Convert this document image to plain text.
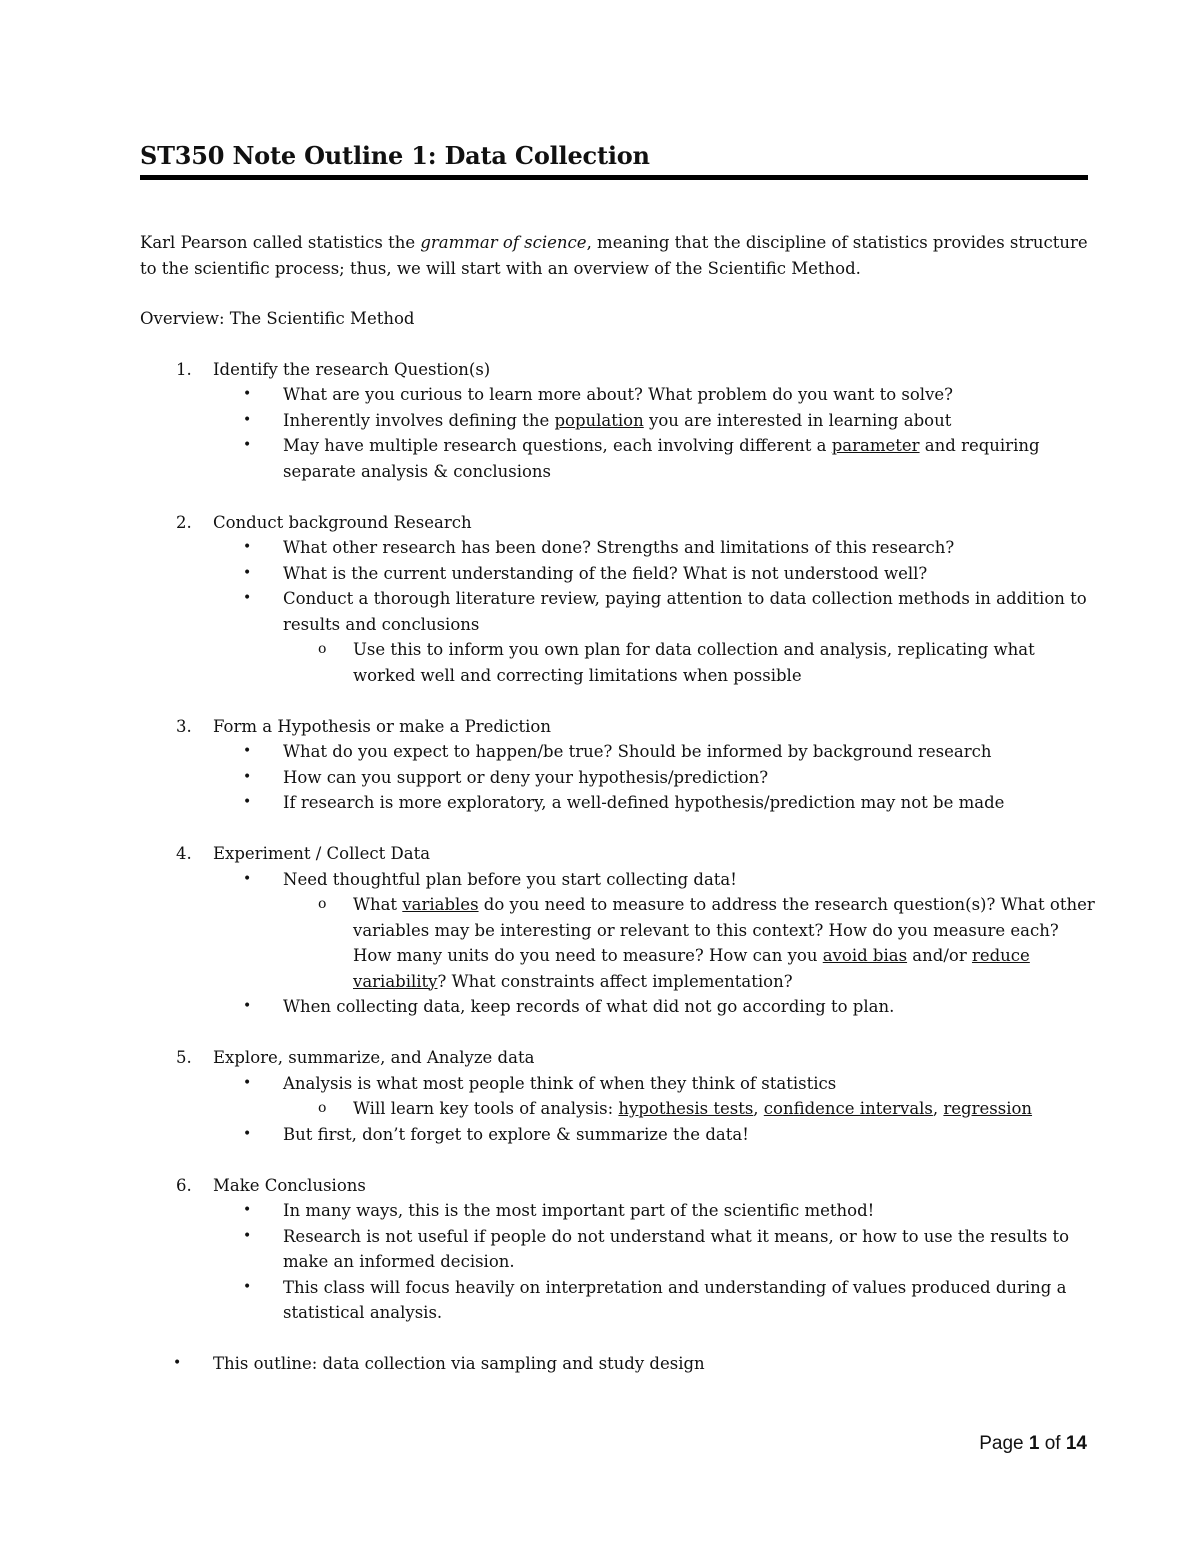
ST350 Note Outline 1: Data Collection

Karl Pearson called statistics the grammar of science, meaning that the discipline of statistics provides structure to the scientific process; thus, we will start with an overview of the Scientific Method.

Overview: The Scientific Method

1. Identify the research Question(s)
• What are you curious to learn more about? What problem do you want to solve?
• Inherently involves defining the population you are interested in learning about
• May have multiple research questions, each involving different a parameter and requiring separate analysis & conclusions
2. Conduct background Research
• What other research has been done? Strengths and limitations of this research?
• What is the current understanding of the field? What is not understood well?
• Conduct a thorough literature review, paying attention to data collection methods in addition to results and conclusions
o Use this to inform you own plan for data collection and analysis, replicating what worked well and correcting limitations when possible
3. Form a Hypothesis or make a Prediction
• What do you expect to happen/be true? Should be informed by background research
• How can you support or deny your hypothesis/prediction?
• If research is more exploratory, a well-defined hypothesis/prediction may not be made
4. Experiment / Collect Data
• Need thoughtful plan before you start collecting data!
o What variables do you need to measure to address the research question(s)? What other variables may be interesting or relevant to this context? How do you measure each? How many units do you need to measure? How can you avoid bias and/or reduce variability? What constraints affect implementation?
• When collecting data, keep records of what did not go according to plan.
5. Explore, summarize, and Analyze data
• Analysis is what most people think of when they think of statistics
o Will learn key tools of analysis: hypothesis tests, confidence intervals, regression
• But first, don’t forget to explore & summarize the data!
6. Make Conclusions
• In many ways, this is the most important part of the scientific method!
• Research is not useful if people do not understand what it means, or how to use the results to make an informed decision.
• This class will focus heavily on interpretation and understanding of values produced during a statistical analysis.
• This outline: data collection via sampling and study design
Page 1 of 14
